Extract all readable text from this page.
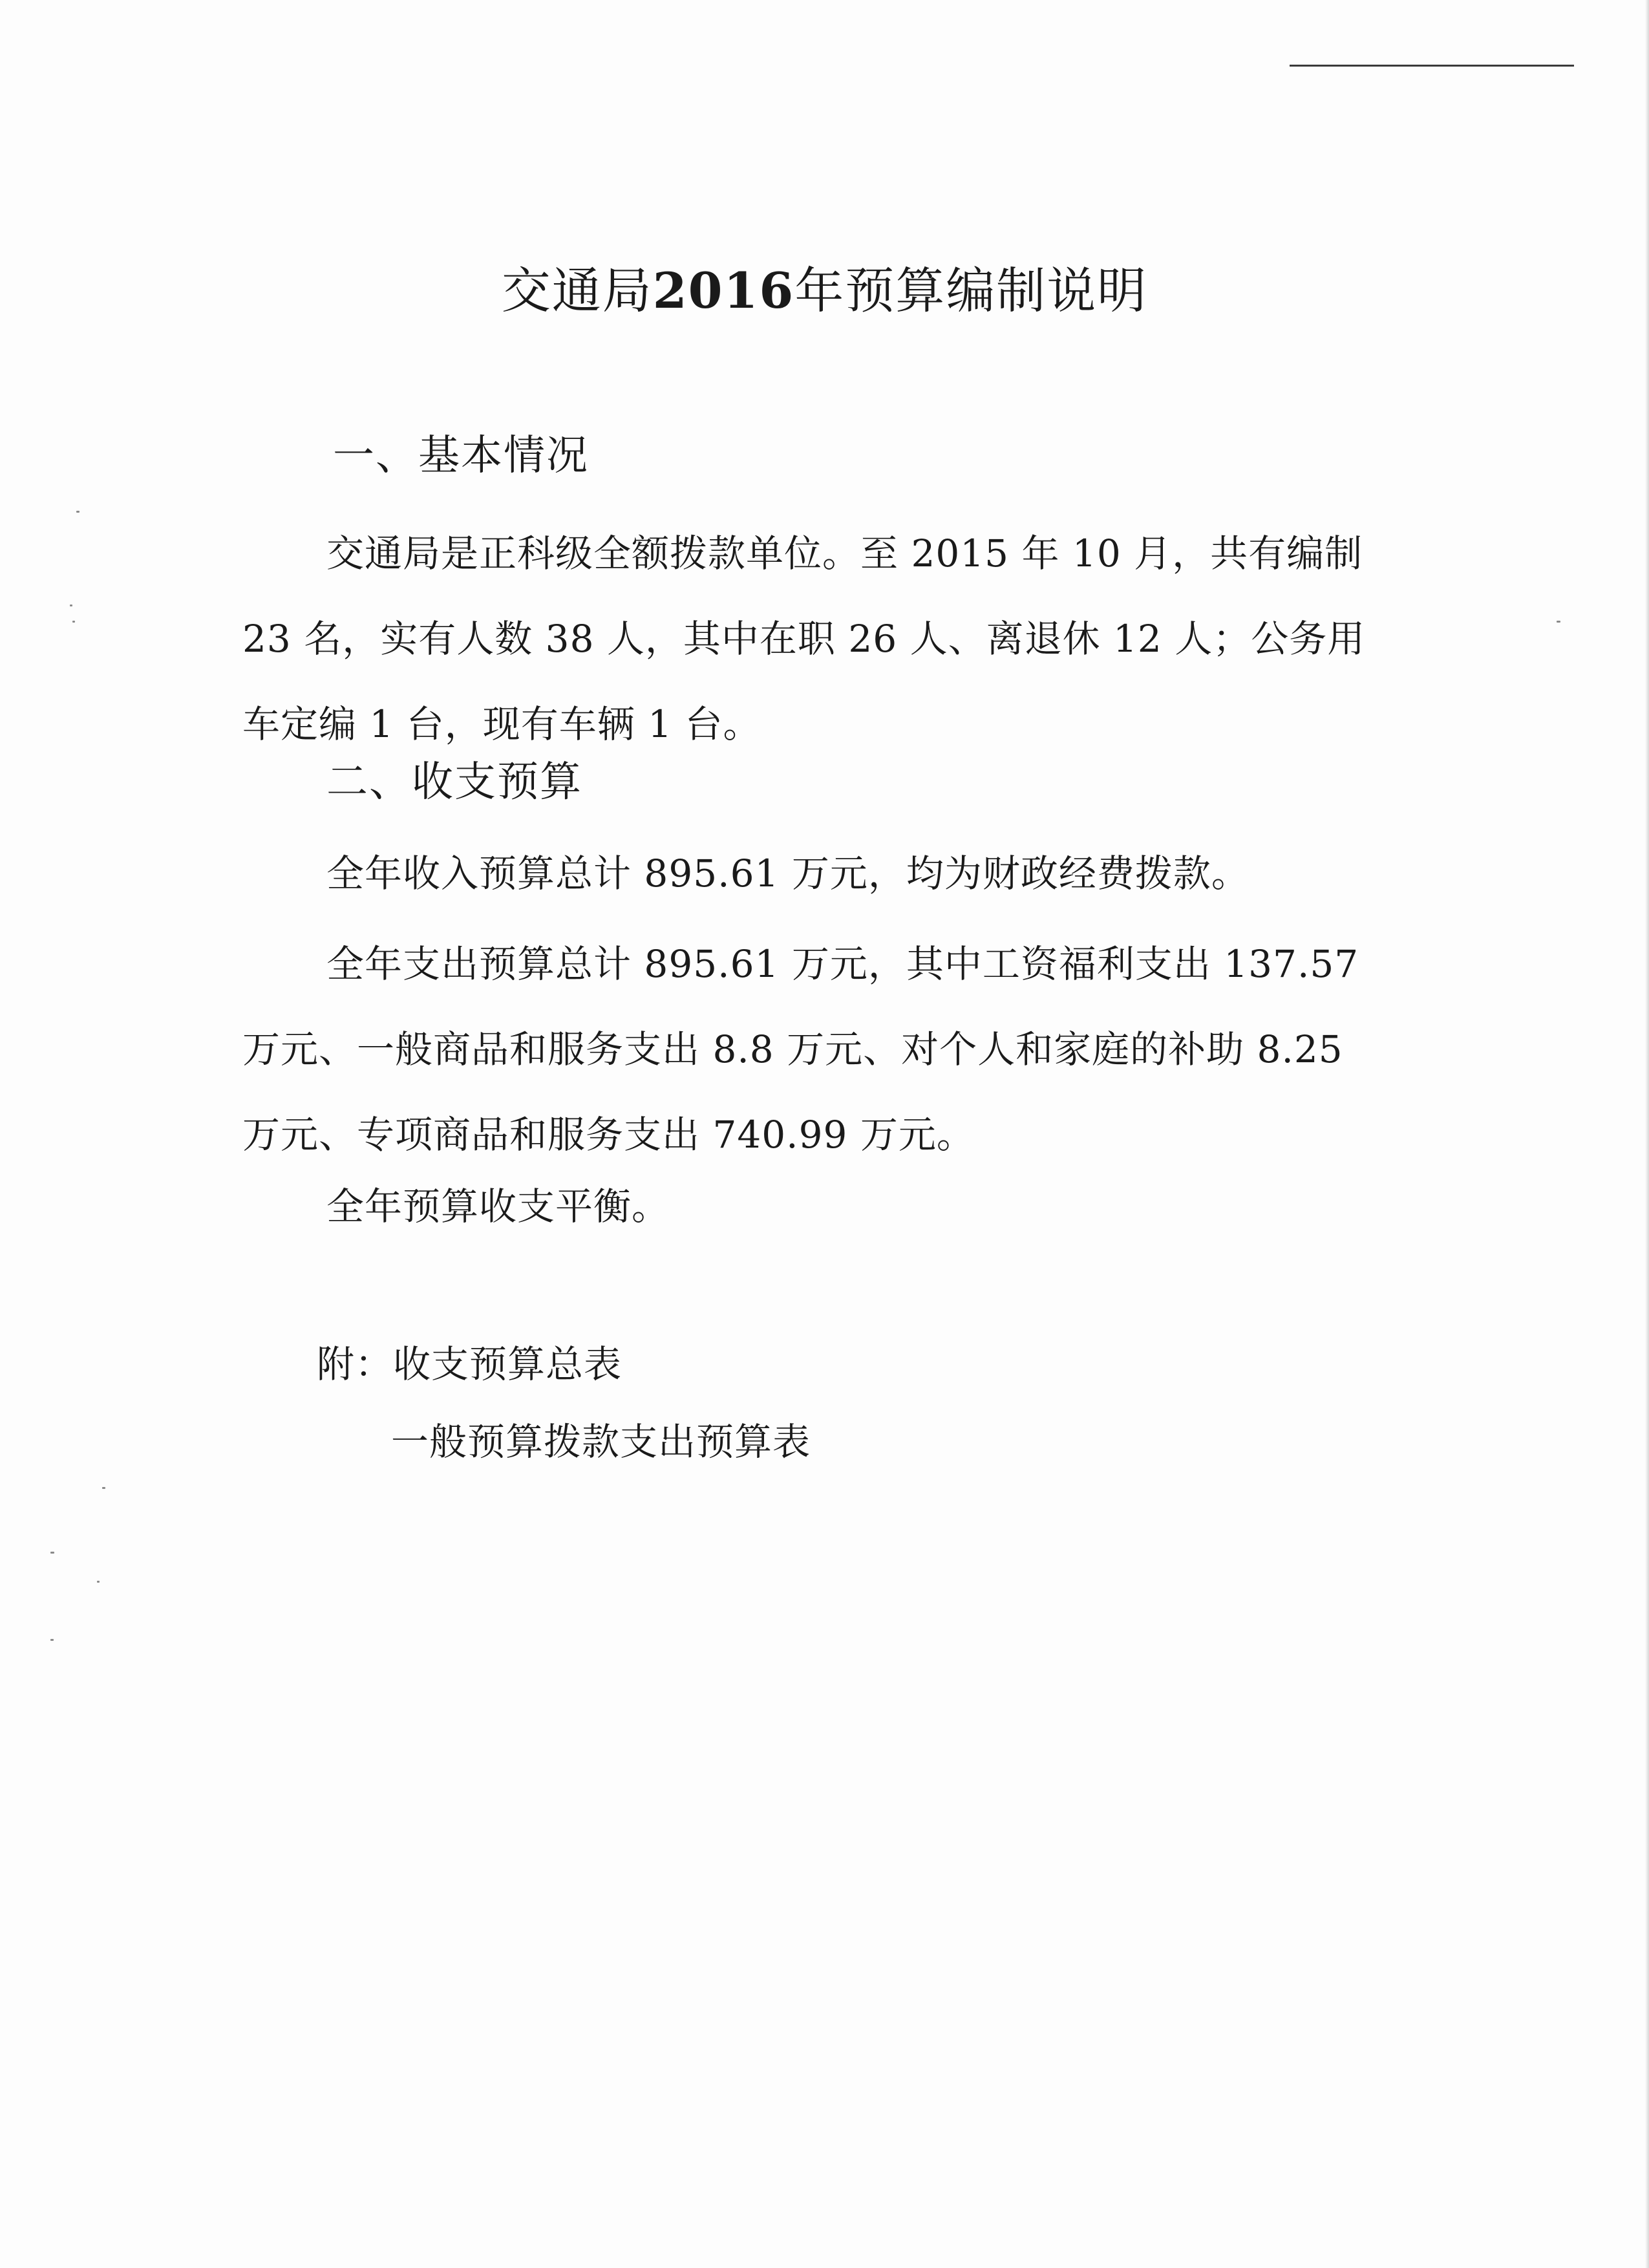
交通局2016年预算编制说明
一、基本情况
交通局是正科级全额拨款单位。至 2015 年 10 月，共有编制
23 名，实有人数 38 人，其中在职 26 人、离退休 12 人；公务用
车定编 1 台，现有车辆 1 台。
二、收支预算
全年收入预算总计 895.61 万元，均为财政经费拨款。
全年支出预算总计 895.61 万元，其中工资福利支出 137.57
万元、一般商品和服务支出 8.8 万元、对个人和家庭的补助 8.25
万元、专项商品和服务支出 740.99 万元。
全年预算收支平衡。
附：收支预算总表
一般预算拨款支出预算表
